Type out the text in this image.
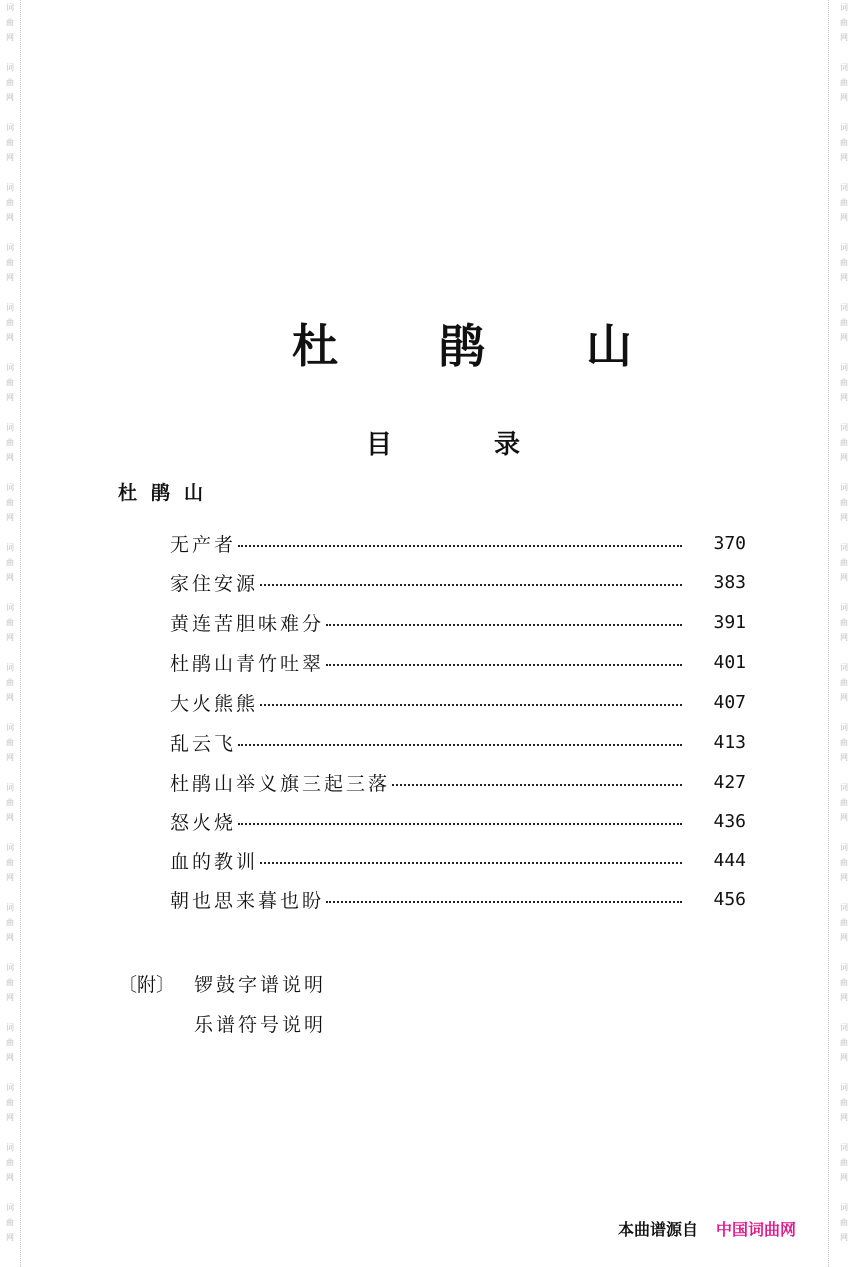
词
曲
网
词
曲
网
词
曲
网
词
曲
网
词
曲
网
词
曲
网
词
曲
网
词
曲
网
词
曲
网
词
曲
网
词
曲
网
词
曲
网
词
曲
网
词
曲
网
词
曲
网
词
曲
网
词
曲
网
词
曲
网
词
曲
网
词
曲
网
词
曲
网
词
曲
网
词
曲
网
词
曲
网
词
曲
网
词
曲
网
词
曲
网
词
曲
网
词
曲
网
词
曲
网
词
曲
网
词
曲
网
词
曲
网
词
曲
网
词
曲
网
词
曲
网
词
曲
网
词
曲
网
词
曲
网
词
曲
网
词
曲
网
词
曲
网
杜 鹃 山
目	录
杜鹃山
无产者	370
家住安源	383
黄连苦胆味难分	391
杜鹃山青竹吐翠	401
大火熊熊	407
乱云飞	413
杜鹃山举义旗三起三落	427
怒火烧	436
血的教训	444
朝也思来暮也盼	456
〔附〕 锣鼓字谱说明
乐谱符号说明
本曲谱源自 中国词曲网
